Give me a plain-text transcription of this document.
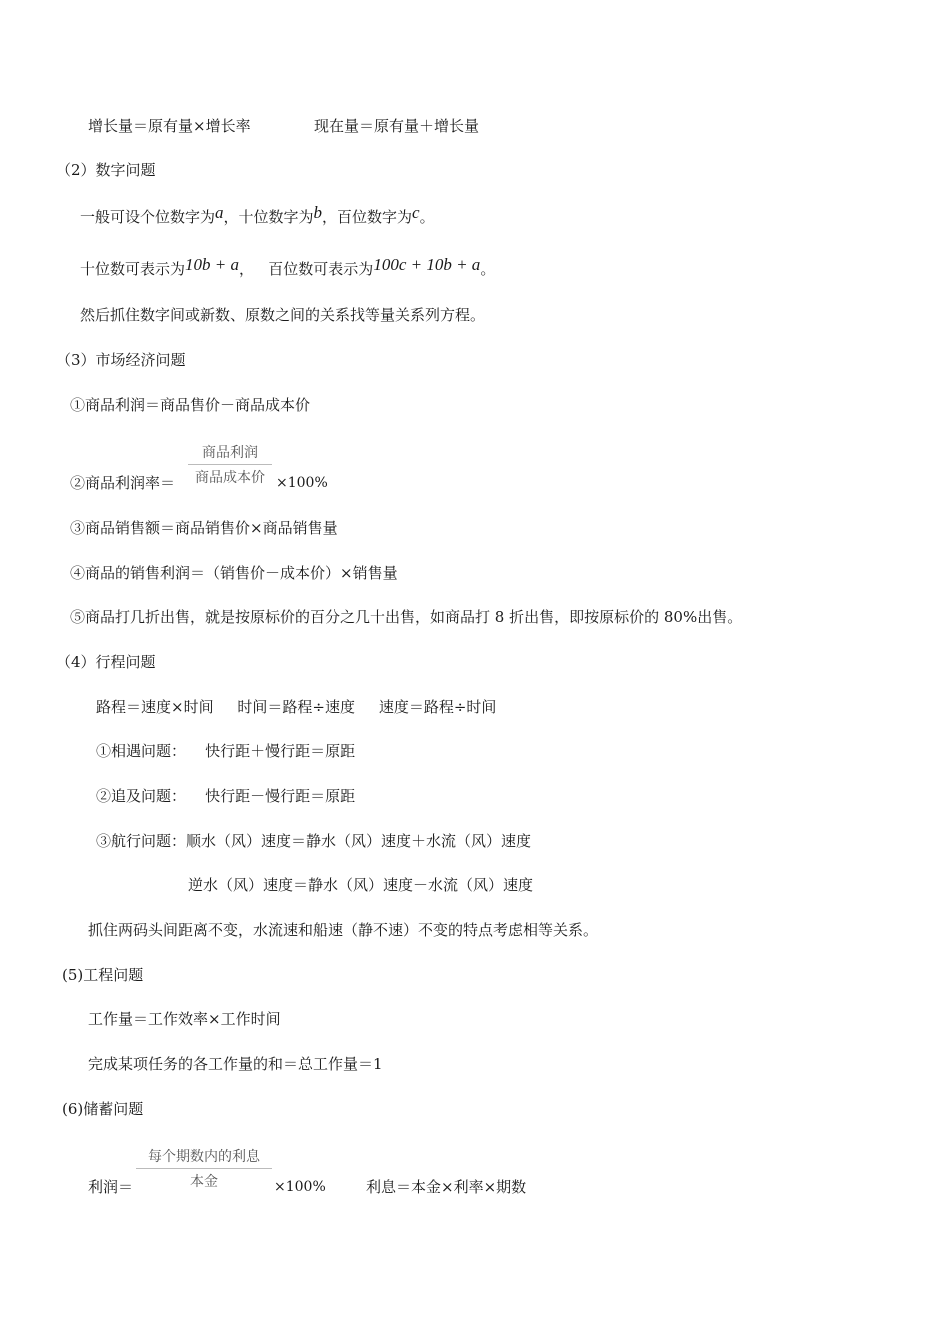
增长量＝原有量×增长率	现在量＝原有量＋增长量
（2）数字问题
一般可设个位数字为a，十位数字为b，百位数字为c。
十位数可表示为10b + a，   百位数可表示为100c + 10b + a。
然后抓住数字间或新数、原数之间的关系找等量关系列方程。
（3）市场经济问题
①商品利润＝商品售价－商品成本价
商品利润
商品成本价
②商品利润率＝	×100%
③商品销售额＝商品销售价×商品销售量
④商品的销售利润＝（销售价－成本价）×销售量
⑤商品打几折出售，就是按原标价的百分之几十出售，如商品打 8 折出售，即按原标价的 80%出售。
（4）行程问题
路程＝速度×时间     时间＝路程÷速度     速度＝路程÷时间
①相遇问题：    快行距＋慢行距＝原距
②追及问题：    快行距－慢行距＝原距
③航行问题：顺水（风）速度＝静水（风）速度＋水流（风）速度
逆水（风）速度＝静水（风）速度－水流（风）速度
抓住两码头间距离不变，水流速和船速（静不速）不变的特点考虑相等关系。
(5)工程问题
工作量＝工作效率×工作时间
完成某项任务的各工作量的和＝总工作量＝1
(6)储蓄问题
每个期数内的利息
本金
利润＝	×100%	利息＝本金×利率×期数
